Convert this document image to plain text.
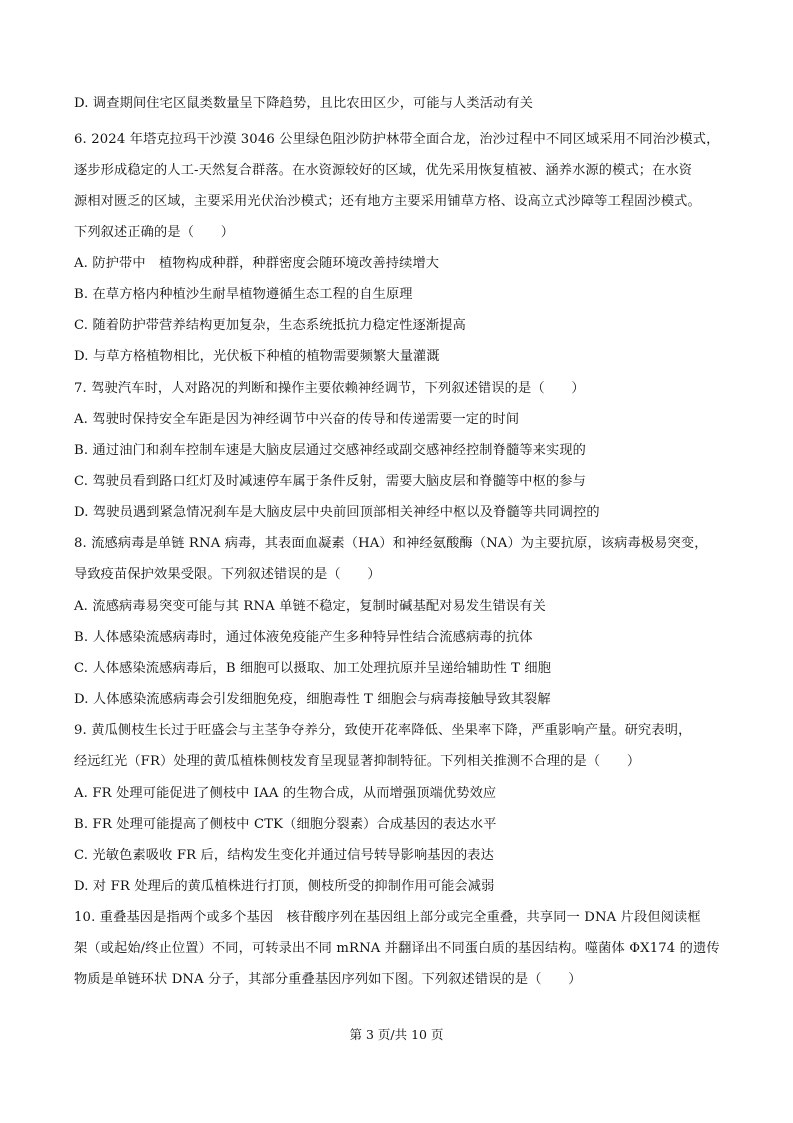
D. 调查期间住宅区鼠类数量呈下降趋势，且比农田区少，可能与人类活动有关
6. 2024 年塔克拉玛干沙漠 3046 公里绿色阻沙防护林带全面合龙，治沙过程中不同区域采用不同治沙模式，
逐步形成稳定的人工-天然复合群落。在水资源较好的区域，优先采用恢复植被、涵养水源的模式；在水资
源相对匮乏的区域，主要采用光伏治沙模式；还有地方主要采用铺草方格、设高立式沙障等工程固沙模式。
下列叙述正确的是（　　）
A. 防护带中　植物构成种群，种群密度会随环境改善持续增大
B. 在草方格内种植沙生耐旱植物遵循生态工程的自生原理
C. 随着防护带营养结构更加复杂，生态系统抵抗力稳定性逐渐提高
D. 与草方格植物相比，光伏板下种植的植物需要频繁大量灌溉
7. 驾驶汽车时，人对路况的判断和操作主要依赖神经调节，下列叙述错误的是（　　）
A. 驾驶时保持安全车距是因为神经调节中兴奋的传导和传递需要一定的时间
B. 通过油门和刹车控制车速是大脑皮层通过交感神经或副交感神经控制脊髓等来实现的
C. 驾驶员看到路口红灯及时减速停车属于条件反射，需要大脑皮层和脊髓等中枢的参与
D. 驾驶员遇到紧急情况刹车是大脑皮层中央前回顶部相关神经中枢以及脊髓等共同调控的
8. 流感病毒是单链 RNA 病毒，其表面血凝素（HA）和神经氨酸酶（NA）为主要抗原，该病毒极易突变，
导致疫苗保护效果受限。下列叙述错误的是（　　）
A. 流感病毒易突变可能与其 RNA 单链不稳定，复制时碱基配对易发生错误有关
B. 人体感染流感病毒时，通过体液免疫能产生多种特异性结合流感病毒的抗体
C. 人体感染流感病毒后，B 细胞可以摄取、加工处理抗原并呈递给辅助性 T 细胞
D. 人体感染流感病毒会引发细胞免疫，细胞毒性 T 细胞会与病毒接触导致其裂解
9. 黄瓜侧枝生长过于旺盛会与主茎争夺养分，致使开花率降低、坐果率下降，严重影响产量。研究表明，
经远红光（FR）处理的黄瓜植株侧枝发育呈现显著抑制特征。下列相关推测不合理的是（　　）
A. FR 处理可能促进了侧枝中 IAA 的生物合成，从而增强顶端优势效应
B. FR 处理可能提高了侧枝中 CTK（细胞分裂素）合成基因的表达水平
C. 光敏色素吸收 FR 后，结构发生变化并通过信号转导影响基因的表达
D. 对 FR 处理后的黄瓜植株进行打顶，侧枝所受的抑制作用可能会减弱
10. 重叠基因是指两个或多个基因　核苷酸序列在基因组上部分或完全重叠，共享同一 DNA 片段但阅读框
架（或起始/终止位置）不同，可转录出不同 mRNA 并翻译出不同蛋白质的基因结构。噬菌体 ΦX174 的遗传
物质是单链环状 DNA 分子，其部分重叠基因序列如下图。下列叙述错误的是（　　）
第 3 页/共 10 页
